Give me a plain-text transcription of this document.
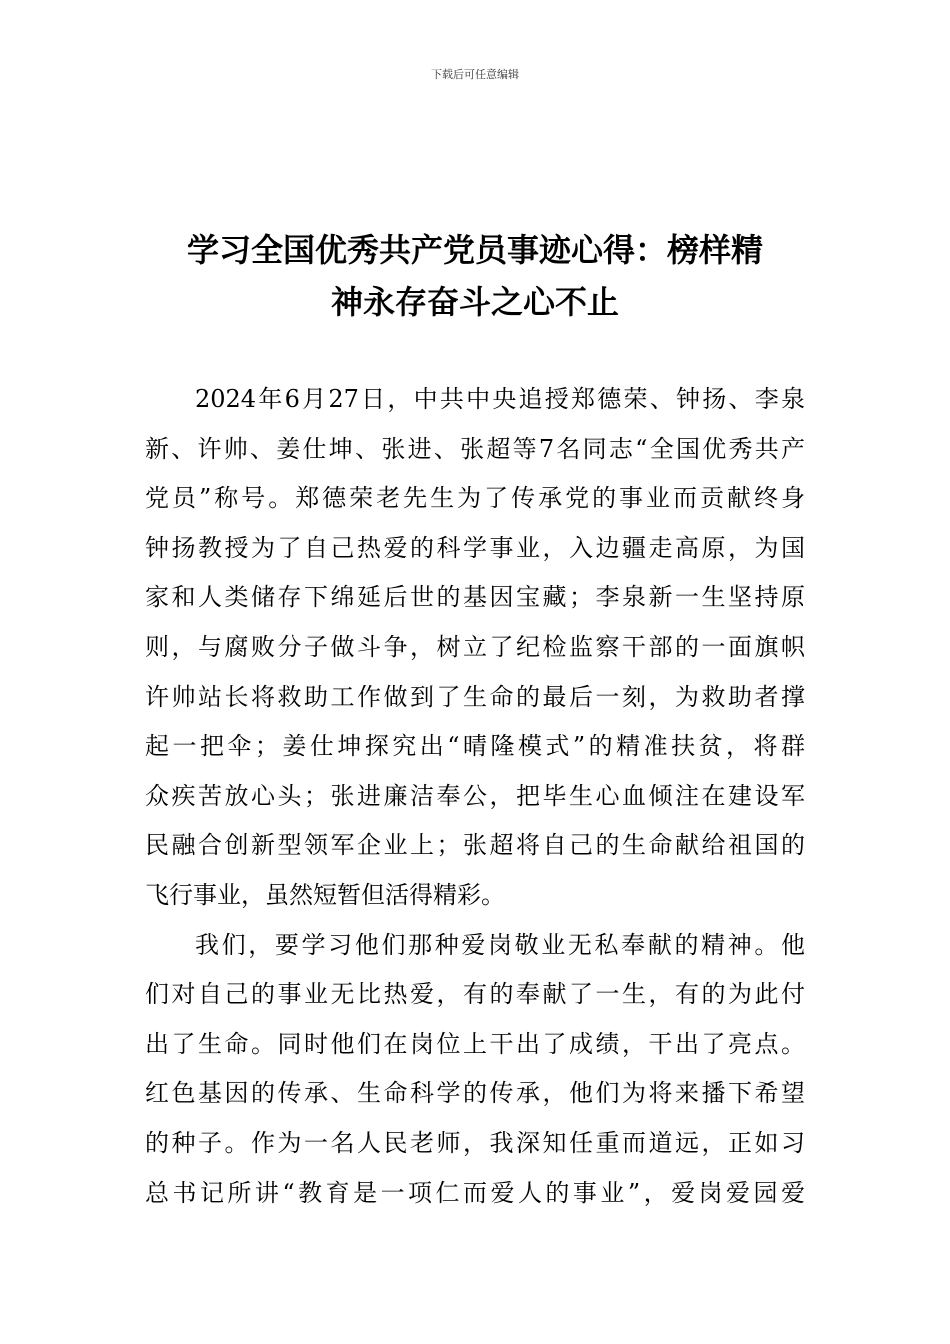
下载后可任意编辑
学习全国优秀共产党员事迹心得：榜样精
神永存奋斗之心不止
2024年6月27日，中共中央追授郑德荣、钟扬、李泉
新、许帅、姜仕坤、张进、张超等7名同志“全国优秀共产
党员”称号。郑德荣老先生为了传承党的事业而贡献终身
钟扬教授为了自己热爱的科学事业，入边疆走高原，为国
家和人类储存下绵延后世的基因宝藏；李泉新一生坚持原
则，与腐败分子做斗争，树立了纪检监察干部的一面旗帜
许帅站长将救助工作做到了生命的最后一刻，为救助者撑
起一把伞；姜仕坤探究出“晴隆模式”的精准扶贫，将群
众疾苦放心头；张进廉洁奉公，把毕生心血倾注在建设军
民融合创新型领军企业上；张超将自己的生命献给祖国的
飞行事业，虽然短暂但活得精彩。
我们，要学习他们那种爱岗敬业无私奉献的精神。他
们对自己的事业无比热爱，有的奉献了一生，有的为此付
出了生命。同时他们在岗位上干出了成绩，干出了亮点。
红色基因的传承、生命科学的传承，他们为将来播下希望
的种子。作为一名人民老师，我深知任重而道远，正如习
总书记所讲“教育是一项仁而爱人的事业”，爱岗爱园爱
